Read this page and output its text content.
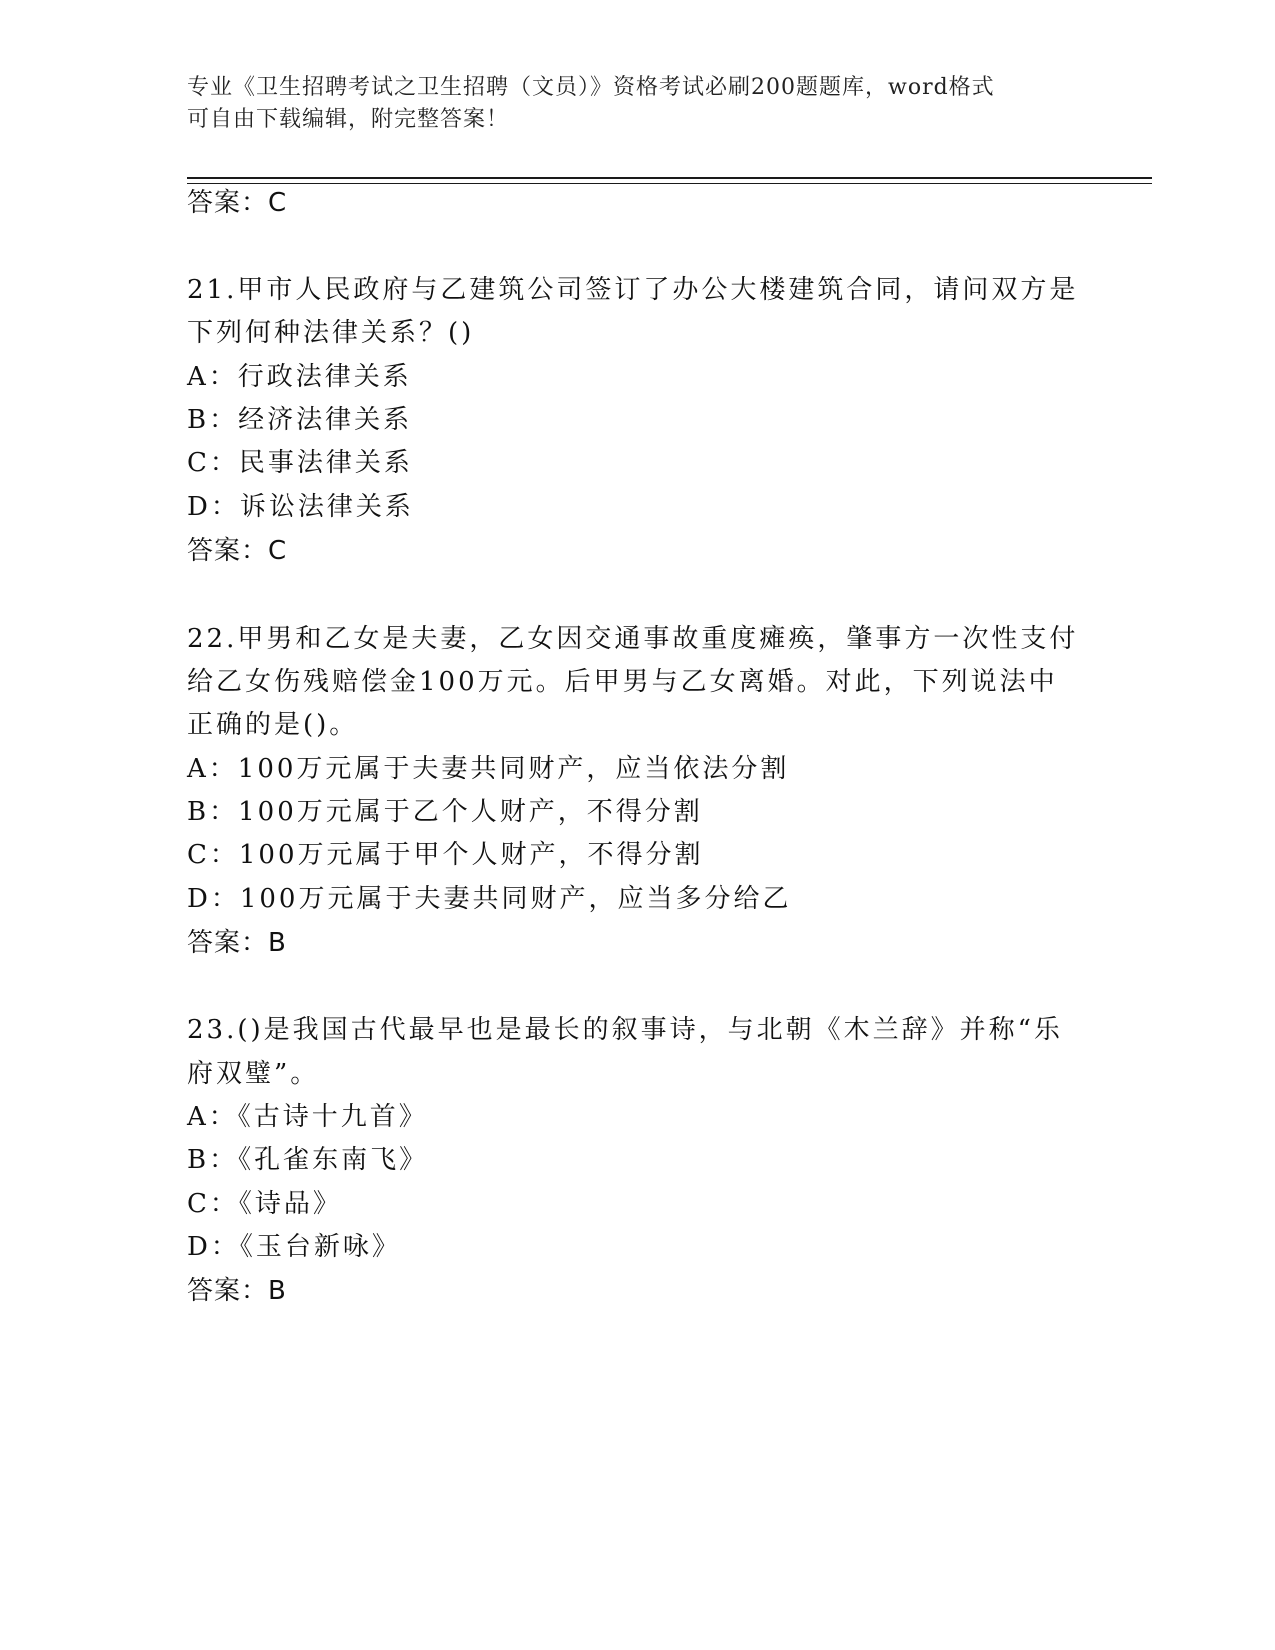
专业《卫生招聘考试之卫生招聘（文员）》资格考试必刷200题题库，word格式
可自由下载编辑，附完整答案！
答案：C
21.甲市人民政府与乙建筑公司签订了办公大楼建筑合同，请问双方是
下列何种法律关系？()
A：行政法律关系
B：经济法律关系
C：民事法律关系
D：诉讼法律关系
答案：C
22.甲男和乙女是夫妻，乙女因交通事故重度瘫痪，肇事方一次性支付
给乙女伤残赔偿金100万元。后甲男与乙女离婚。对此，下列说法中
正确的是()。
A：100万元属于夫妻共同财产，应当依法分割
B：100万元属于乙个人财产，不得分割
C：100万元属于甲个人财产，不得分割
D：100万元属于夫妻共同财产，应当多分给乙
答案：B
23.()是我国古代最早也是最长的叙事诗，与北朝《木兰辞》并称“乐
府双璧”。
A：《古诗十九首》
B：《孔雀东南飞》
C：《诗品》
D：《玉台新咏》
答案：B
